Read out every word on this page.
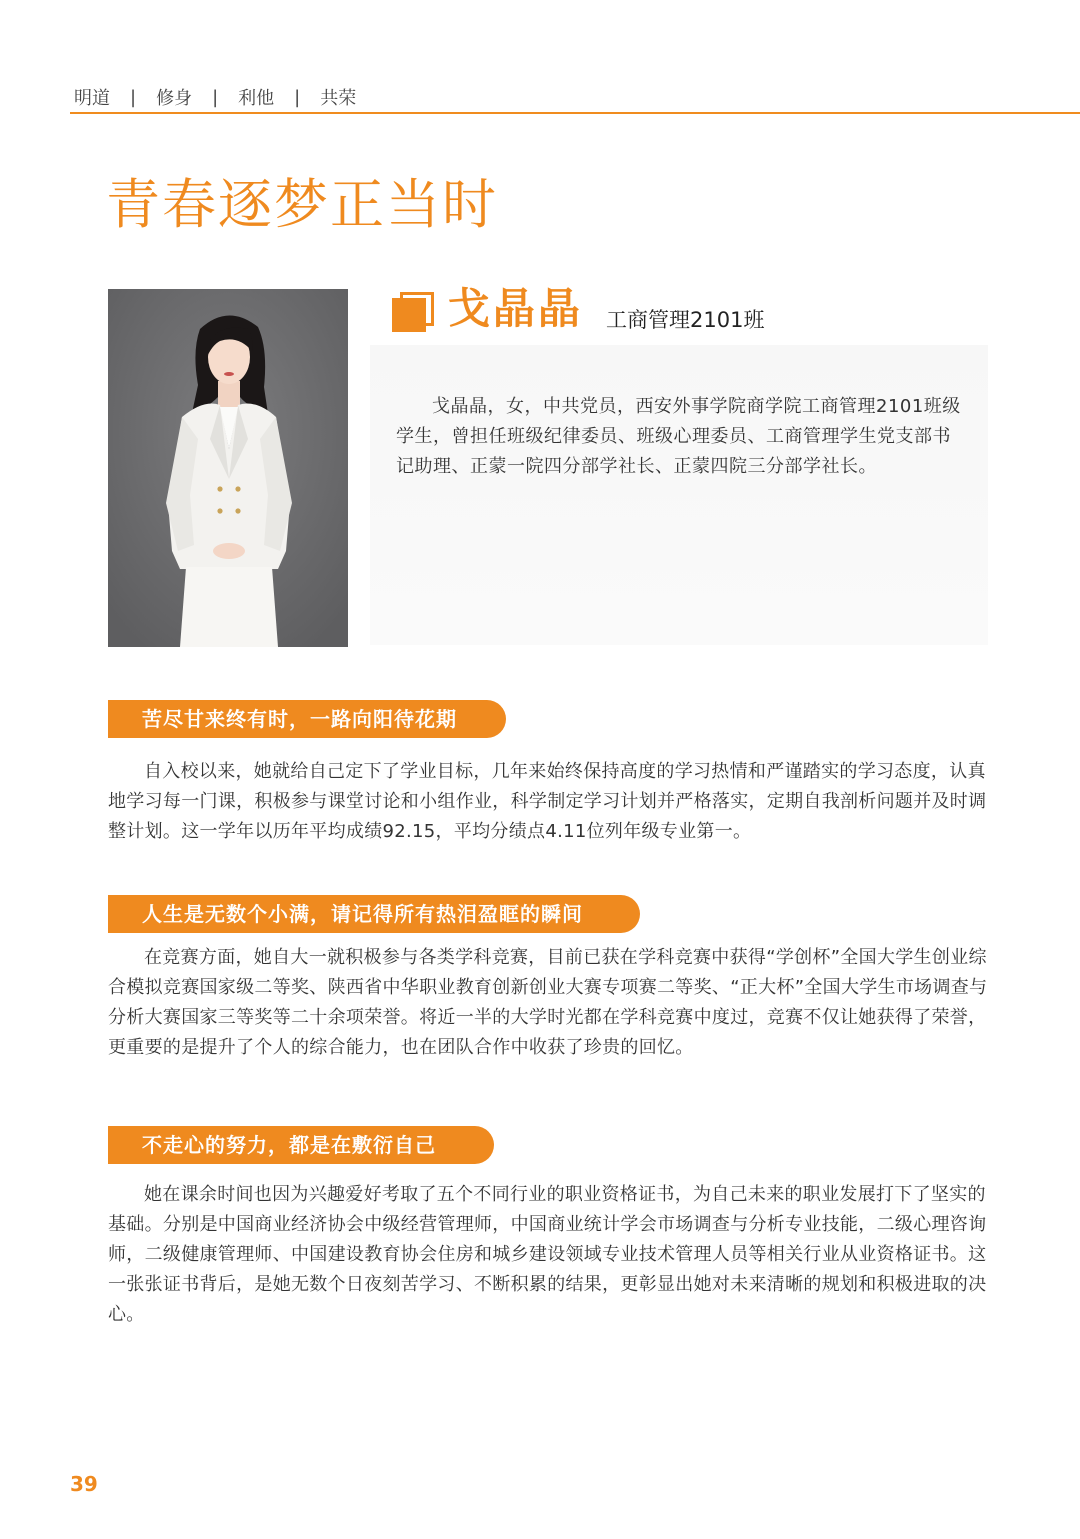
明道 | 修身 | 利他 | 共荣
青春逐梦正当时
戈晶晶 工商管理2101班

戈晶晶，女，中共党员，西安外事学院商学院工商管理2101班级学生，曾担任班级纪律委员、班级心理委员、工商管理学生党支部书记助理、正蒙一院四分部学社长、正蒙四院三分部学社长。

苦尽甘来终有时，一路向阳待花期

自入校以来，她就给自己定下了学业目标，几年来始终保持高度的学习热情和严谨踏实的学习态度，认真地学习每一门课，积极参与课堂讨论和小组作业，科学制定学习计划并严格落实，定期自我剖析问题并及时调整计划。这一学年以历年平均成绩92.15，平均分绩点4.11位列年级专业第一。

人生是无数个小满，请记得所有热泪盈眶的瞬间

在竞赛方面，她自大一就积极参与各类学科竞赛，目前已获在学科竞赛中获得“学创杯”全国大学生创业综合模拟竞赛国家级二等奖、陕西省中华职业教育创新创业大赛专项赛二等奖、“正大杯”全国大学生市场调查与分析大赛国家三等奖等二十余项荣誉。将近一半的大学时光都在学科竞赛中度过，竞赛不仅让她获得了荣誉，更重要的是提升了个人的综合能力，也在团队合作中收获了珍贵的回忆。

不走心的努力，都是在敷衍自己

她在课余时间也因为兴趣爱好考取了五个不同行业的职业资格证书，为自己未来的职业发展打下了坚实的基础。分别是中国商业经济协会中级经营管理师，中国商业统计学会市场调查与分析专业技能，二级心理咨询师，二级健康管理师、中国建设教育协会住房和城乡建设领域专业技术管理人员等相关行业从业资格证书。这一张张证书背后，是她无数个日夜刻苦学习、不断积累的结果，更彰显出她对未来清晰的规划和积极进取的决心。

39
